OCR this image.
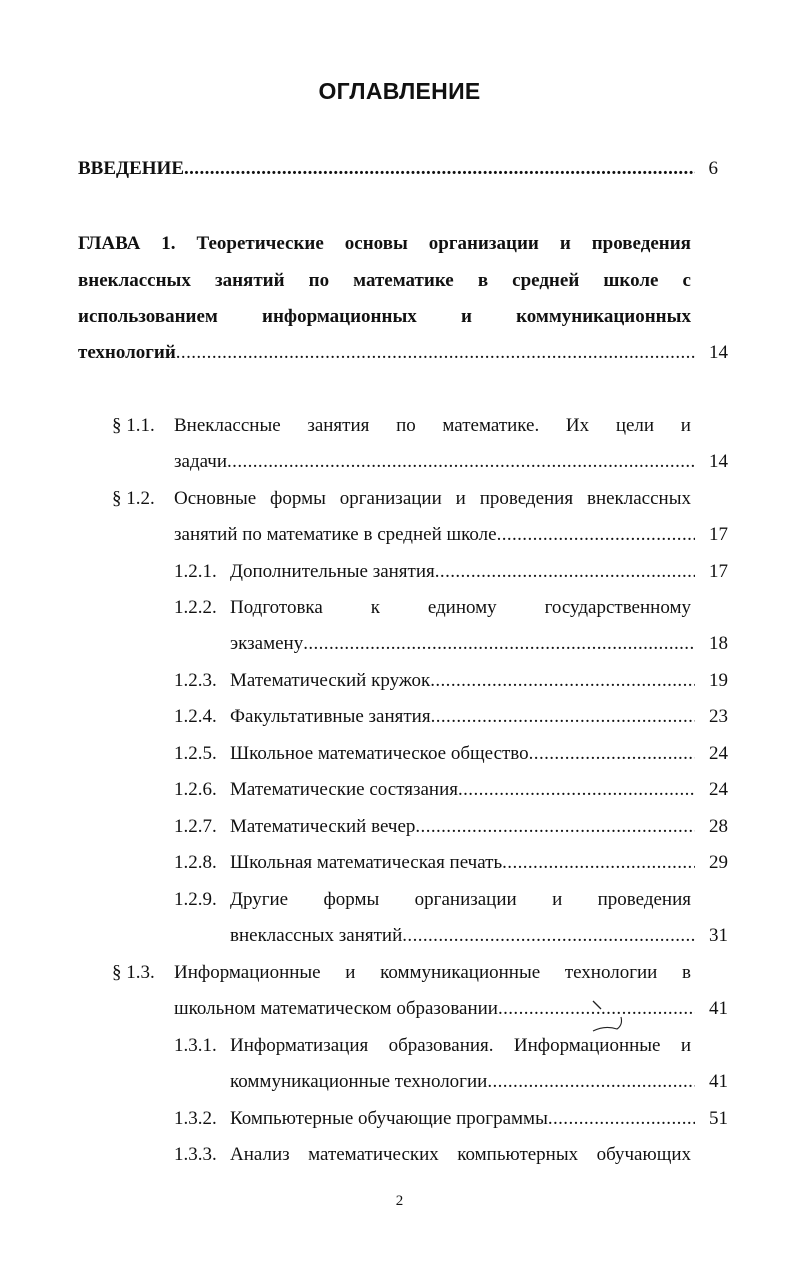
ОГЛАВЛЕНИЕ
ВВЕДЕНИЕ .....	6
ГЛАВА 1. Теоретические основы организации и проведения
внеклассных занятий по математике в средней школе с
использованием информационных и коммуникационных
технологий .....	14
§ 1.1. Внеклассные занятия по математике. Их цели и
задачи .....	14
§ 1.2. Основные формы организации и проведения внеклассных
занятий по математике в средней школе .....	17
1.2.1. Дополнительные занятия .....	17
1.2.2. Подготовка	к	единому	государственному
экзамену .....	18
1.2.3. Математический кружок .....	19
1.2.4. Факультативные занятия .....	23
1.2.5. Школьное математическое общество .....	24
1.2.6. Математические состязания .....	24
1.2.7. Математический вечер .....	28
1.2.8. Школьная математическая печать .....	29
1.2.9. Другие формы организации и проведения
внеклассных занятий .....	31
§ 1.3. Информационные и коммуникационные технологии в
школьном математическом образовании .....	41
1.3.1. Информатизация образования. Информационные и
коммуникационные технологии .....	41
1.3.2. Компьютерные обучающие программы .....	51
1.3.3. Анализ математических компьютерных обучающих
2
